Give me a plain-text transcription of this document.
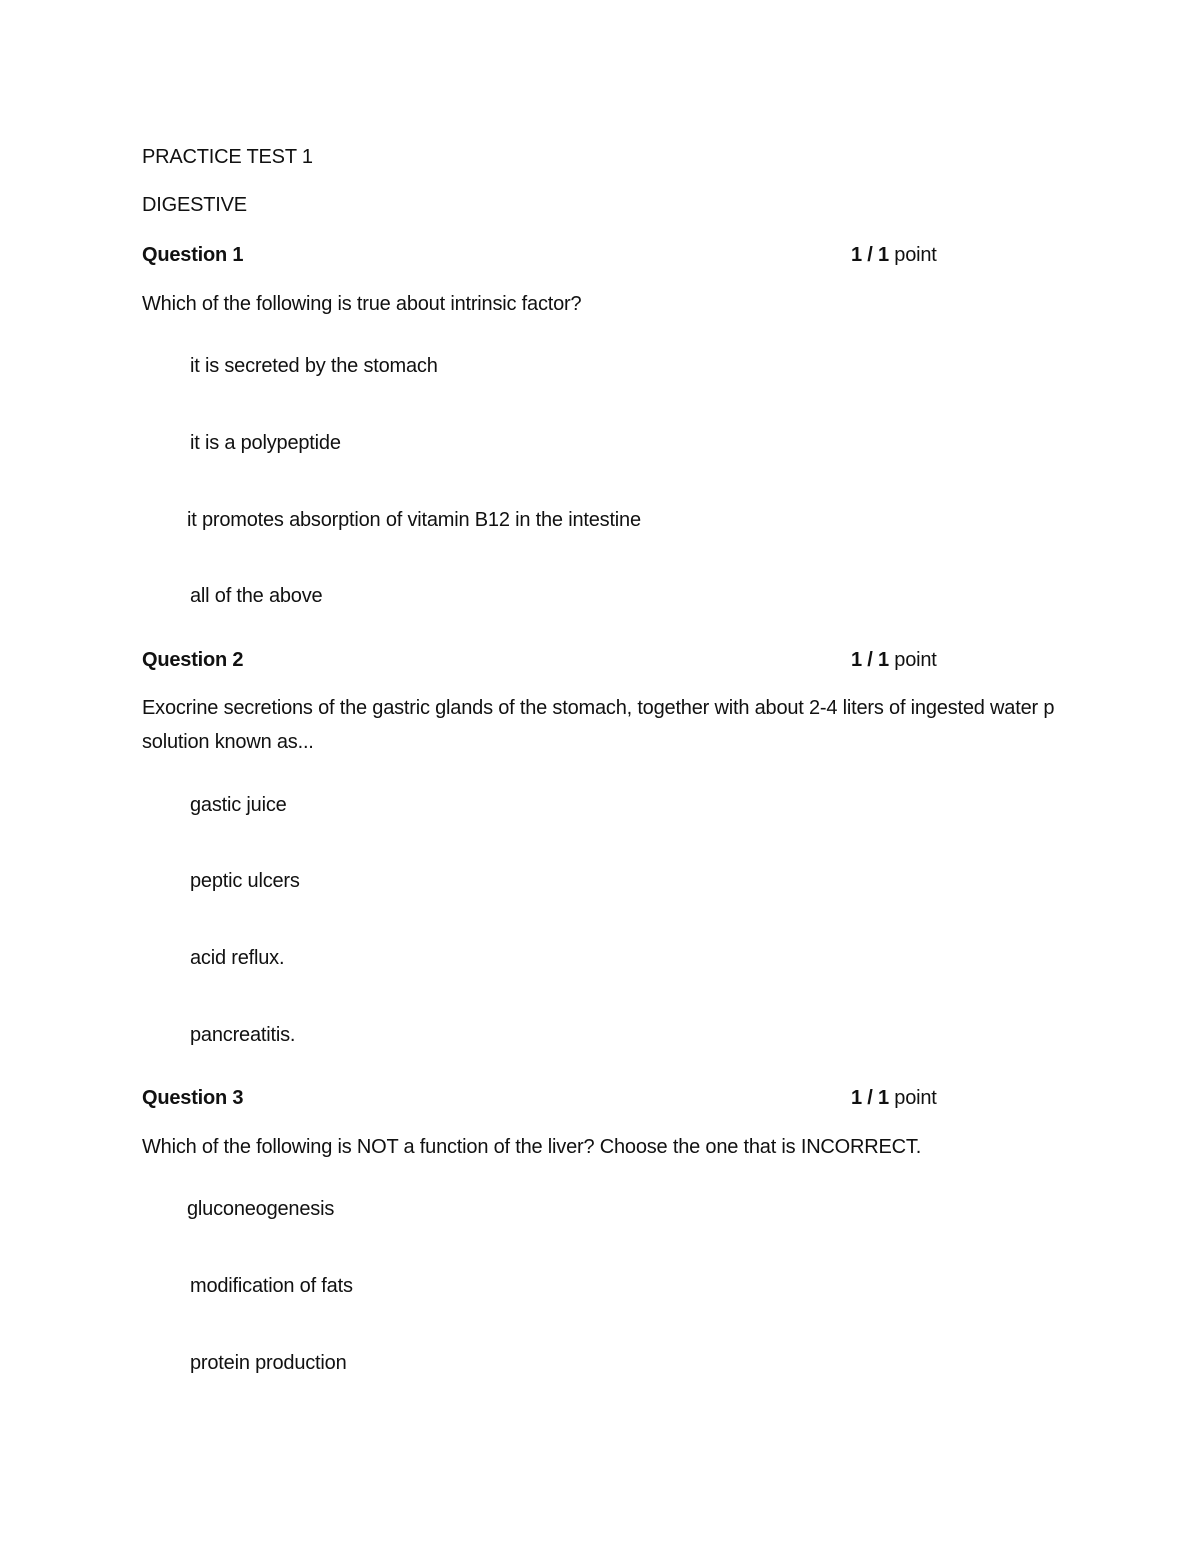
PRACTICE TEST 1
DIGESTIVE
Question 1	1 / 1 point
Which of the following is true about intrinsic factor?
it is secreted by the stomach
it is a polypeptide
it promotes absorption of vitamin B12 in the intestine
all of the above
Question 2	1 / 1 point
Exocrine secretions of the gastric glands of the stomach, together with about 2-4 liters of ingested water p
solution known as...
gastic juice
peptic ulcers
acid reflux.
pancreatitis.
Question 3	1 / 1 point
Which of the following is NOT a function of the liver? Choose the one that is INCORRECT.
gluconeogenesis
modification of fats
protein production
